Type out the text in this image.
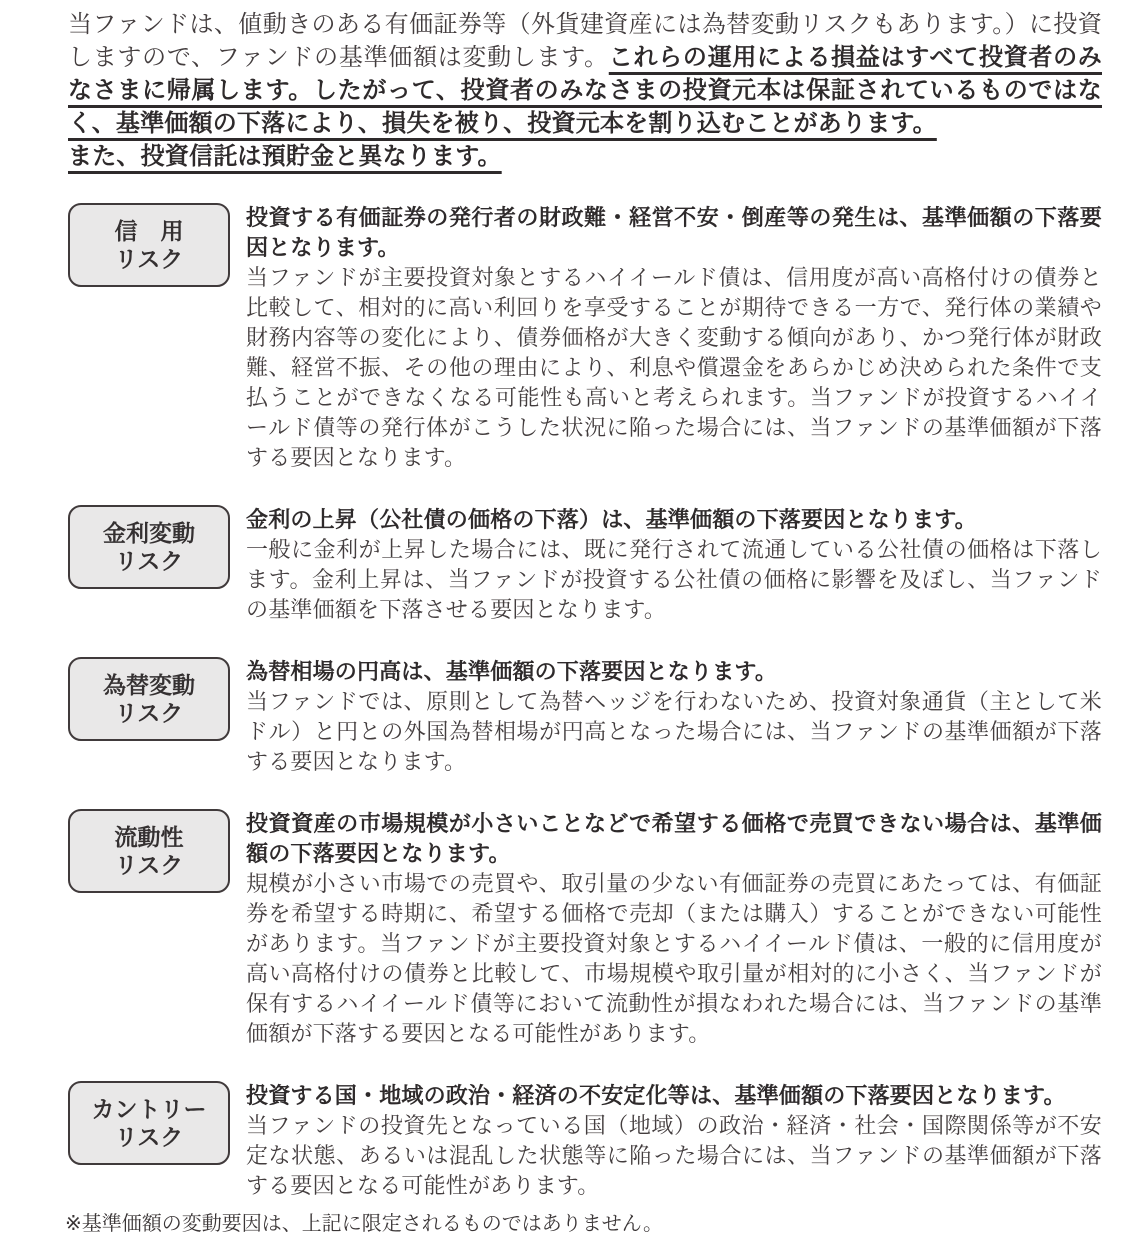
当ファンドは、値動きのある有価証券等（外貨建資産には為替変動リスクもあります。）に投資しますので、ファンドの基準価額は変動します。これらの運用による損益はすべて投資者のみなさまに帰属します。したがって、投資者のみなさまの投資元本は保証されているものではなく、基準価額の下落により、損失を被り、投資元本を割り込むことがあります。

また、投資信託は預貯金と異なります。

信　用
リスク

投資する有価証券の発行者の財政難・経営不安・倒産等の発生は、基準価額の下落要因となります。

当ファンドが主要投資対象とするハイイールド債は、信用度が高い高格付けの債券と比較して、相対的に高い利回りを享受することが期待できる一方で、発行体の業績や財務内容等の変化により、債券価格が大きく変動する傾向があり、かつ発行体が財政難、経営不振、その他の理由により、利息や償還金をあらかじめ決められた条件で支払うことができなくなる可能性も高いと考えられます。当ファンドが投資するハイイールド債等の発行体がこうした状況に陥った場合には、当ファンドの基準価額が下落する要因となります。

金利変動
リスク

金利の上昇（公社債の価格の下落）は、基準価額の下落要因となります。

一般に金利が上昇した場合には、既に発行されて流通している公社債の価格は下落します。金利上昇は、当ファンドが投資する公社債の価格に影響を及ぼし、当ファンドの基準価額を下落させる要因となります。

為替変動
リスク

為替相場の円高は、基準価額の下落要因となります。

当ファンドでは、原則として為替ヘッジを行わないため、投資対象通貨（主として米ドル）と円との外国為替相場が円高となった場合には、当ファンドの基準価額が下落する要因となります。

流動性
リスク

投資資産の市場規模が小さいことなどで希望する価格で売買できない場合は、基準価額の下落要因となります。

規模が小さい市場での売買や、取引量の少ない有価証券の売買にあたっては、有価証券を希望する時期に、希望する価格で売却（または購入）することができない可能性があります。当ファンドが主要投資対象とするハイイールド債は、一般的に信用度が高い高格付けの債券と比較して、市場規模や取引量が相対的に小さく、当ファンドが保有するハイイールド債等において流動性が損なわれた場合には、当ファンドの基準価額が下落する要因となる可能性があります。

カントリー
リスク

投資する国・地域の政治・経済の不安定化等は、基準価額の下落要因となります。

当ファンドの投資先となっている国（地域）の政治・経済・社会・国際関係等が不安定な状態、あるいは混乱した状態等に陥った場合には、当ファンドの基準価額が下落する要因となる可能性があります。

※基準価額の変動要因は、上記に限定されるものではありません。
